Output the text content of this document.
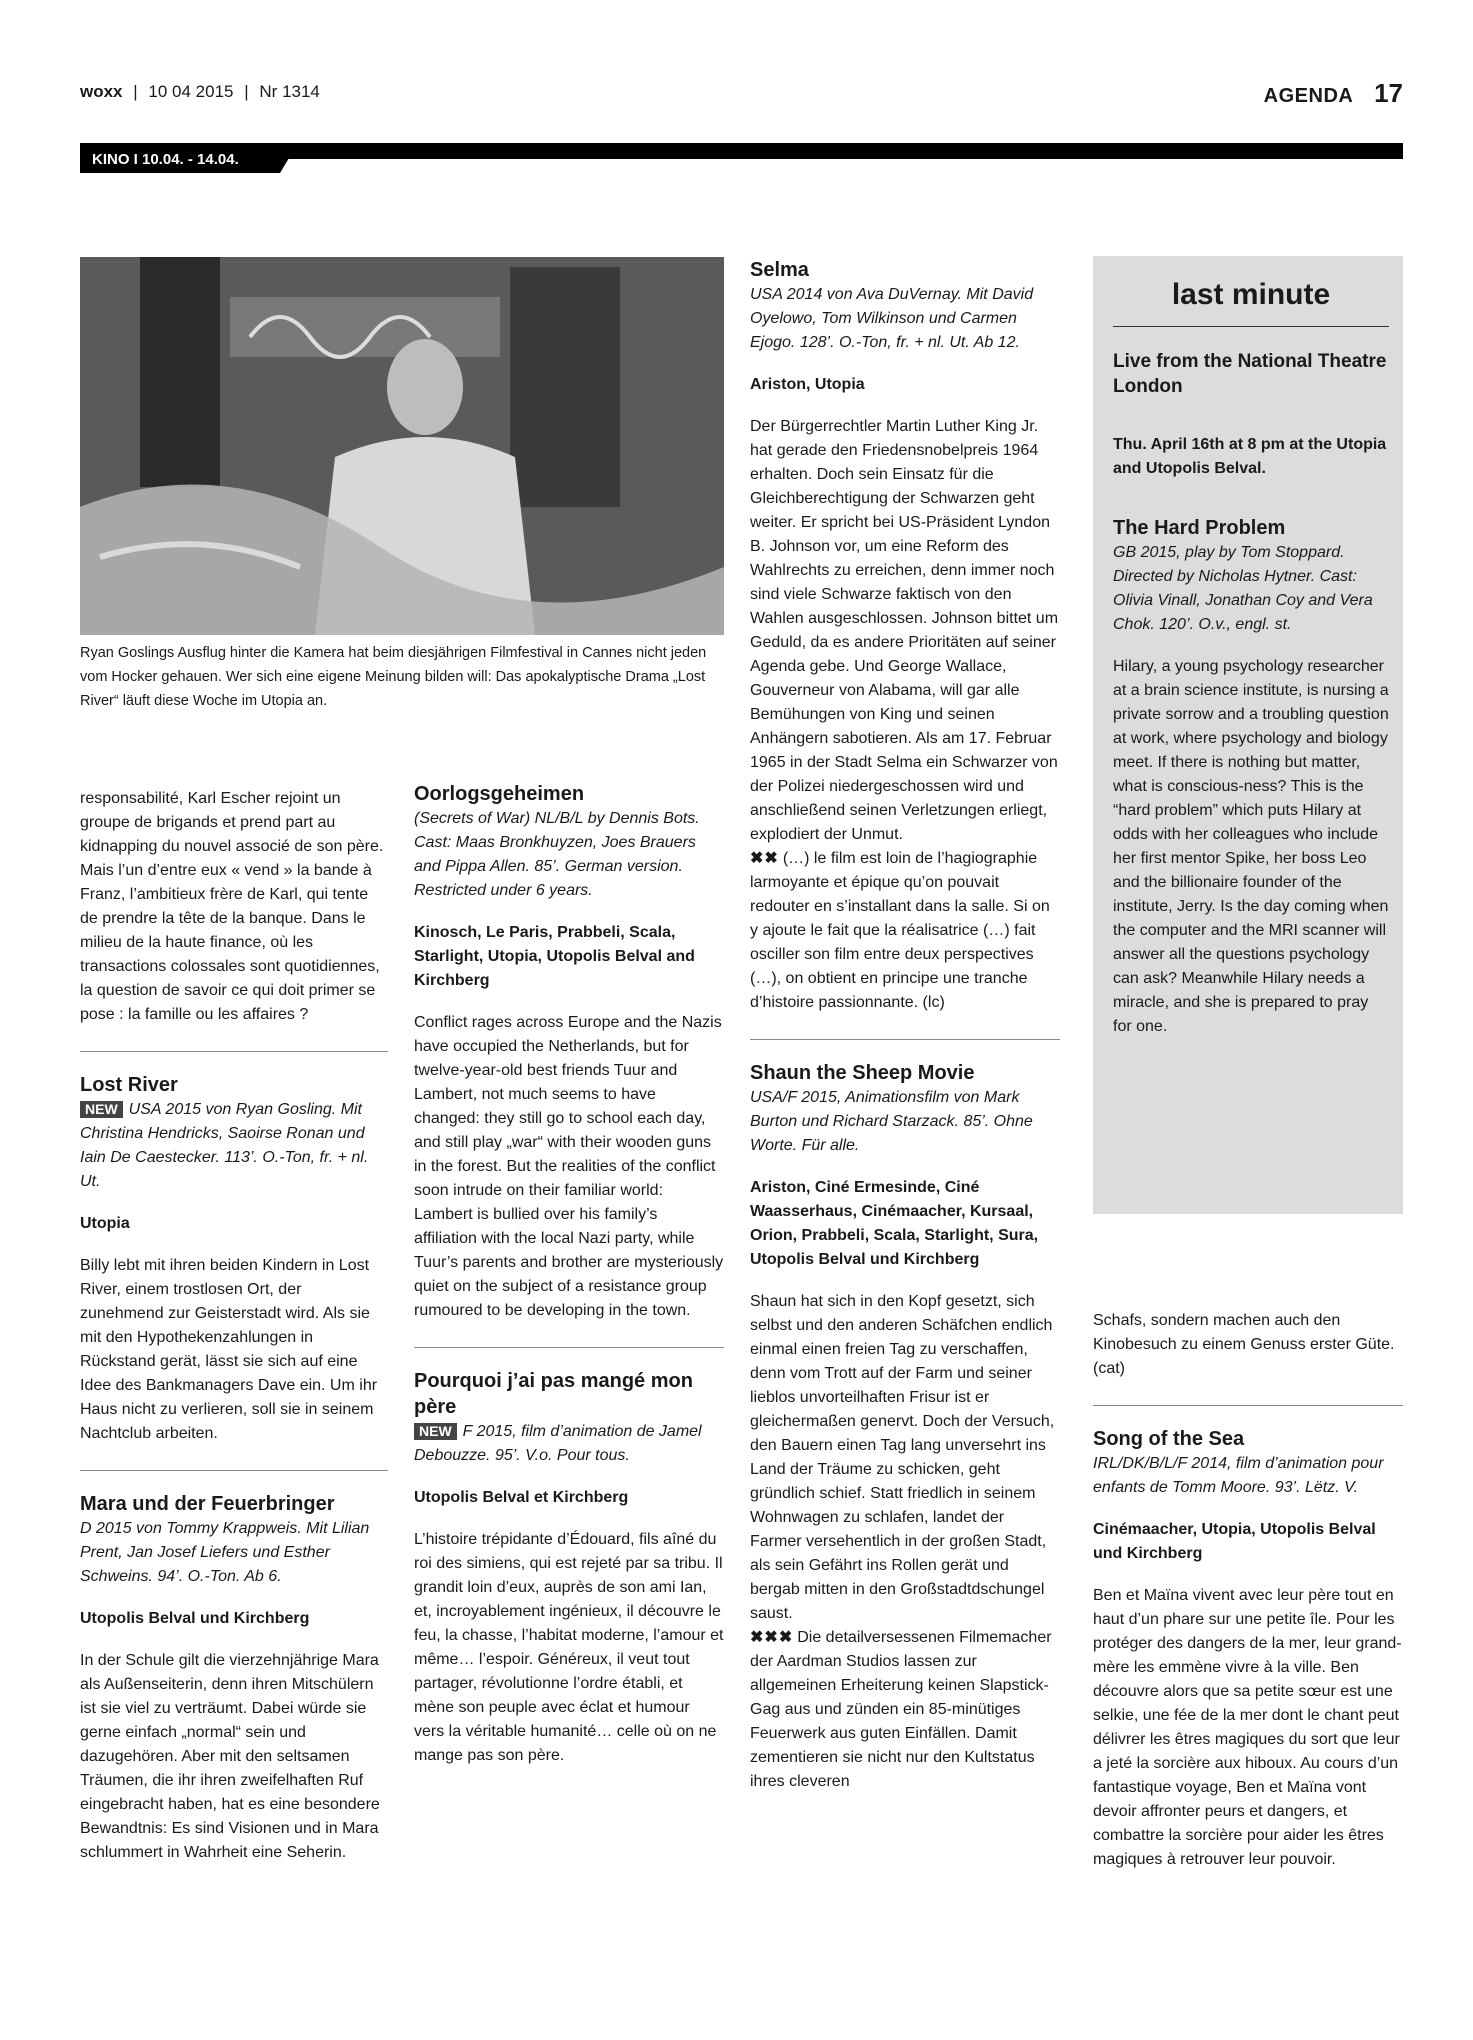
woxx | 10 04 2015 | Nr 1314	AGENDA 17
KINO I 10.04. - 14.04.
Ryan Goslings Ausflug hinter die Kamera hat beim diesjährigen Filmfestival in Cannes nicht jeden vom Hocker gehauen. Wer sich eine eigene Meinung bilden will: Das apokalyptische Drama „Lost River“ läuft diese Woche im Utopia an.
responsabilité, Karl Escher rejoint un groupe de brigands et prend part au kidnapping du nouvel associé de son père. Mais l’un d’entre eux « vend » la bande à Franz, l’ambitieux frère de Karl, qui tente de prendre la tête de la banque. Dans le milieu de la haute finance, où les transactions colossales sont quotidiennes, la question de savoir ce qui doit primer se pose : la famille ou les affaires ?
Lost River
NEW USA 2015 von Ryan Gosling. Mit Christina Hendricks, Saoirse Ronan und Iain De Caestecker. 113’. O.-Ton, fr. + nl. Ut.
Utopia
Billy lebt mit ihren beiden Kindern in Lost River, einem trostlosen Ort, der zunehmend zur Geisterstadt wird. Als sie mit den Hypothekenzahlungen in Rückstand gerät, lässt sie sich auf eine Idee des Bankmanagers Dave ein. Um ihr Haus nicht zu verlieren, soll sie in seinem Nachtclub arbeiten.
Mara und der Feuerbringer
D 2015 von Tommy Krappweis. Mit Lilian Prent, Jan Josef Liefers und Esther Schweins. 94’. O.-Ton. Ab 6.
Utopolis Belval und Kirchberg
In der Schule gilt die vierzehnjährige Mara als Außenseiterin, denn ihren Mitschülern ist sie viel zu verträumt. Dabei würde sie gerne einfach „normal“ sein und dazugehören. Aber mit den seltsamen Träumen, die ihr ihren zweifelhaften Ruf eingebracht haben, hat es eine besondere Bewandtnis: Es sind Visionen und in Mara schlummert in Wahrheit eine Seherin.
Oorlogsgeheimen
(Secrets of War) NL/B/L by Dennis Bots. Cast: Maas Bronkhuyzen, Joes Brauers and Pippa Allen. 85’. German version. Restricted under 6 years.
Kinosch, Le Paris, Prabbeli, Scala, Starlight, Utopia, Utopolis Belval and Kirchberg
Conflict rages across Europe and the Nazis have occupied the Netherlands, but for twelve-year-old best friends Tuur and Lambert, not much seems to have changed: they still go to school each day, and still play „war“ with their wooden guns in the forest. But the realities of the conflict soon intrude on their familiar world: Lambert is bullied over his family’s affiliation with the local Nazi party, while Tuur’s parents and brother are mysteriously quiet on the subject of a resistance group rumoured to be developing in the town.
Pourquoi j’ai pas mangé mon père
NEW F 2015, film d’animation de Jamel Debouzze. 95’. V.o. Pour tous.
Utopolis Belval et Kirchberg
L’histoire trépidante d’Édouard, fils aîné du roi des simiens, qui est rejeté par sa tribu. Il grandit loin d’eux, auprès de son ami Ian, et, incroyablement ingénieux, il découvre le feu, la chasse, l’habitat moderne, l’amour et même… l’espoir. Généreux, il veut tout partager, révolutionne l’ordre établi, et mène son peuple avec éclat et humour vers la véritable humanité… celle où on ne mange pas son père.
Selma
USA 2014 von Ava DuVernay. Mit David Oyelowo, Tom Wilkinson und Carmen Ejogo. 128’. O.-Ton, fr. + nl. Ut. Ab 12.
Ariston, Utopia
Der Bürgerrechtler Martin Luther King Jr. hat gerade den Friedensnobelpreis 1964 erhalten. Doch sein Einsatz für die Gleichberechtigung der Schwarzen geht weiter. Er spricht bei US-Präsident Lyndon B. Johnson vor, um eine Reform des Wahlrechts zu erreichen, denn immer noch sind viele Schwarze faktisch von den Wahlen ausgeschlossen. Johnson bittet um Geduld, da es andere Prioritäten auf seiner Agenda gebe. Und George Wallace, Gouverneur von Alabama, will gar alle Bemühungen von King und seinen Anhängern sabotieren. Als am 17. Februar 1965 in der Stadt Selma ein Schwarzer von der Polizei niedergeschossen wird und anschließend seinen Verletzungen erliegt, explodiert der Unmut.
✖✖ (…) le film est loin de l’hagiographie larmoyante et épique qu’on pouvait redouter en s’installant dans la salle. Si on y ajoute le fait que la réalisatrice (…) fait osciller son film entre deux perspectives (…), on obtient en principe une tranche d’histoire passionnante. (lc)
Shaun the Sheep Movie
USA/F 2015, Animationsfilm von Mark Burton und Richard Starzack. 85’. Ohne Worte. Für alle.
Ariston, Ciné Ermesinde, Ciné Waasserhaus, Cinémaacher, Kursaal, Orion, Prabbeli, Scala, Starlight, Sura, Utopolis Belval und Kirchberg
Shaun hat sich in den Kopf gesetzt, sich selbst und den anderen Schäfchen endlich einmal einen freien Tag zu verschaffen, denn vom Trott auf der Farm und seiner lieblos unvorteilhaften Frisur ist er gleichermaßen genervt. Doch der Versuch, den Bauern einen Tag lang unversehrt ins Land der Träume zu schicken, geht gründlich schief. Statt friedlich in seinem Wohnwagen zu schlafen, landet der Farmer versehentlich in der großen Stadt, als sein Gefährt ins Rollen gerät und bergab mitten in den Großstadtdschungel saust.
✖✖✖ Die detailversessenen Filmemacher der Aardman Studios lassen zur allgemeinen Erheiterung keinen Slapstick-Gag aus und zünden ein 85-minütiges Feuerwerk aus guten Einfällen. Damit zementieren sie nicht nur den Kultstatus ihres cleveren
last minute
Live from the National Theatre London
Thu. April 16th at 8 pm at the Utopia and Utopolis Belval.
The Hard Problem
GB 2015, play by Tom Stoppard. Directed by Nicholas Hytner. Cast: Olivia Vinall, Jonathan Coy and Vera Chok. 120’. O.v., engl. st.
Hilary, a young psychology researcher at a brain science institute, is nursing a private sorrow and a troubling question at work, where psychology and biology meet. If there is nothing but matter, what is conscious-ness? This is the “hard problem” which puts Hilary at odds with her colleagues who include her first mentor Spike, her boss Leo and the billionaire founder of the institute, Jerry. Is the day coming when the computer and the MRI scanner will answer all the questions psychology can ask? Meanwhile Hilary needs a miracle, and she is prepared to pray for one.
Schafs, sondern machen auch den Kinobesuch zu einem Genuss erster Güte. (cat)
Song of the Sea
IRL/DK/B/L/F 2014, film d’animation pour enfants de Tomm Moore. 93’. Lëtz. V.
Cinémaacher, Utopia, Utopolis Belval und Kirchberg
Ben et Maïna vivent avec leur père tout en haut d’un phare sur une petite île. Pour les protéger des dangers de la mer, leur grand-mère les emmène vivre à la ville. Ben découvre alors que sa petite sœur est une selkie, une fée de la mer dont le chant peut délivrer les êtres magiques du sort que leur a jeté la sorcière aux hiboux. Au cours d’un fantastique voyage, Ben et Maïna vont devoir affronter peurs et dangers, et combattre la sorcière pour aider les êtres magiques à retrouver leur pouvoir.
